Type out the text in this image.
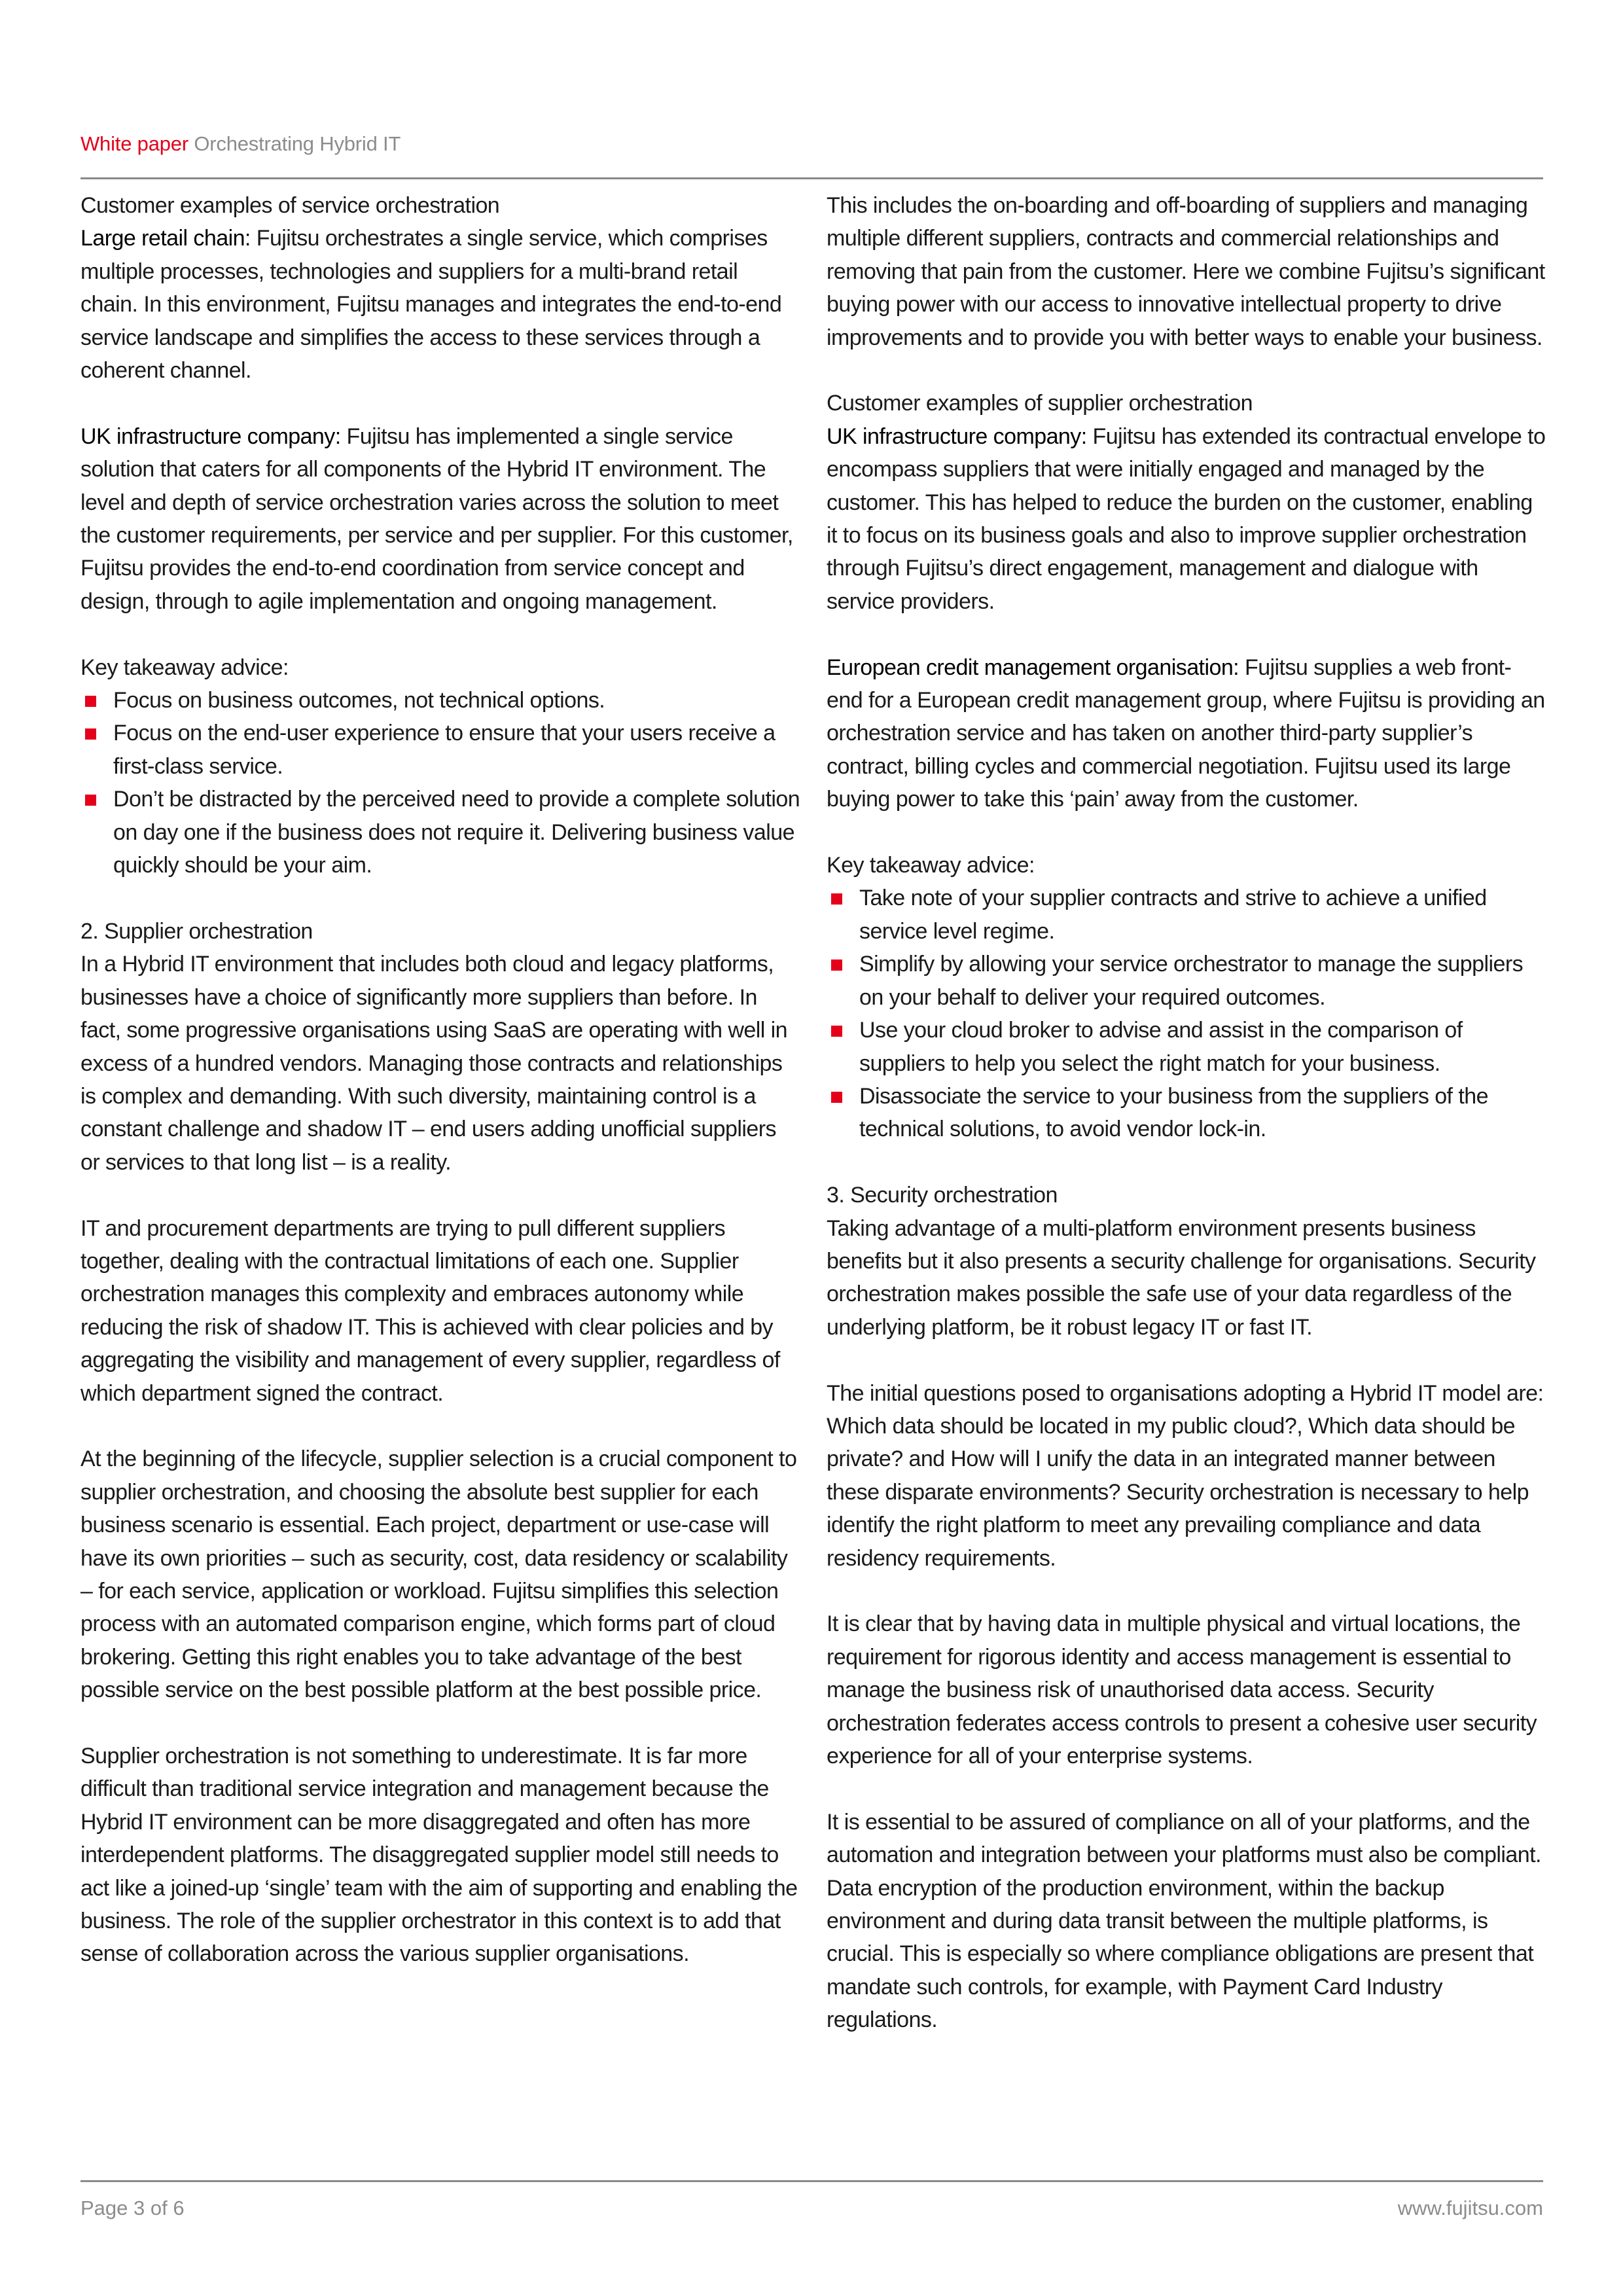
White paper Orchestrating Hybrid IT
Customer examples of service orchestration

Large retail chain: Fujitsu orchestrates a single service, which comprises multiple processes, technologies and suppliers for a multi-brand retail chain. In this environment, Fujitsu manages and integrates the end-to-end service landscape and simplifies the access to these services through a coherent channel.

UK infrastructure company: Fujitsu has implemented a single service solution that caters for all components of the Hybrid IT environment. The level and depth of service orchestration varies across the solution to meet the customer requirements, per service and per supplier. For this customer, Fujitsu provides the end-to-end coordination from service concept and design, through to agile implementation and ongoing management.

Key takeaway advice:
Focus on business outcomes, not technical options.
Focus on the end-user experience to ensure that your users receive a first-class service.
Don’t be distracted by the perceived need to provide a complete solution on day one if the business does not require it. Delivering business value quickly should be your aim.
2. Supplier orchestration

In a Hybrid IT environment that includes both cloud and legacy platforms, businesses have a choice of significantly more suppliers than before. In fact, some progressive organisations using SaaS are operating with well in excess of a hundred vendors. Managing those contracts and relationships is complex and demanding. With such diversity, maintaining control is a constant challenge and shadow IT – end users adding unofficial suppliers or services to that long list – is a reality.

IT and procurement departments are trying to pull different suppliers together, dealing with the contractual limitations of each one. Supplier orchestration manages this complexity and embraces autonomy while reducing the risk of shadow IT. This is achieved with clear policies and by aggregating the visibility and management of every supplier, regardless of which department signed the contract.

At the beginning of the lifecycle, supplier selection is a crucial component to supplier orchestration, and choosing the absolute best supplier for each business scenario is essential. Each project, department or use-case will have its own priorities – such as security, cost, data residency or scalability – for each service, application or workload. Fujitsu simplifies this selection process with an automated comparison engine, which forms part of cloud brokering. Getting this right enables you to take advantage of the best possible service on the best possible platform at the best possible price.

Supplier orchestration is not something to underestimate. It is far more difficult than traditional service integration and management because the Hybrid IT environment can be more disaggregated and often has more interdependent platforms. The disaggregated supplier model still needs to act like a joined-up ‘single’ team with the aim of supporting and enabling the business. The role of the supplier orchestrator in this context is to add that sense of collaboration across the various supplier organisations.

This includes the on-boarding and off-boarding of suppliers and managing multiple different suppliers, contracts and commercial relationships and removing that pain from the customer. Here we combine Fujitsu’s significant buying power with our access to innovative intellectual property to drive improvements and to provide you with better ways to enable your business.

Customer examples of supplier orchestration

UK infrastructure company: Fujitsu has extended its contractual envelope to encompass suppliers that were initially engaged and managed by the customer. This has helped to reduce the burden on the customer, enabling it to focus on its business goals and also to improve supplier orchestration through Fujitsu’s direct engagement, management and dialogue with service providers.

European credit management organisation: Fujitsu supplies a web front-end for a European credit management group, where Fujitsu is providing an orchestration service and has taken on another third-party supplier’s contract, billing cycles and commercial negotiation. Fujitsu used its large buying power to take this ‘pain’ away from the customer.

Key takeaway advice:
Take note of your supplier contracts and strive to achieve a unified service level regime.
Simplify by allowing your service orchestrator to manage the suppliers on your behalf to deliver your required outcomes.
Use your cloud broker to advise and assist in the comparison of suppliers to help you select the right match for your business.
Disassociate the service to your business from the suppliers of the technical solutions, to avoid vendor lock-in.
3. Security orchestration

Taking advantage of a multi-platform environment presents business benefits but it also presents a security challenge for organisations. Security orchestration makes possible the safe use of your data regardless of the underlying platform, be it robust legacy IT or fast IT.

The initial questions posed to organisations adopting a Hybrid IT model are: Which data should be located in my public cloud?, Which data should be private? and How will I unify the data in an integrated manner between these disparate environments? Security orchestration is necessary to help identify the right platform to meet any prevailing compliance and data residency requirements.

It is clear that by having data in multiple physical and virtual locations, the requirement for rigorous identity and access management is essential to manage the business risk of unauthorised data access. Security orchestration federates access controls to present a cohesive user security experience for all of your enterprise systems.

It is essential to be assured of compliance on all of your platforms, and the automation and integration between your platforms must also be compliant. Data encryption of the production environment, within the backup environment and during data transit between the multiple platforms, is crucial. This is especially so where compliance obligations are present that mandate such controls, for example, with Payment Card Industry regulations.

Page 3 of 6	www.fujitsu.com
